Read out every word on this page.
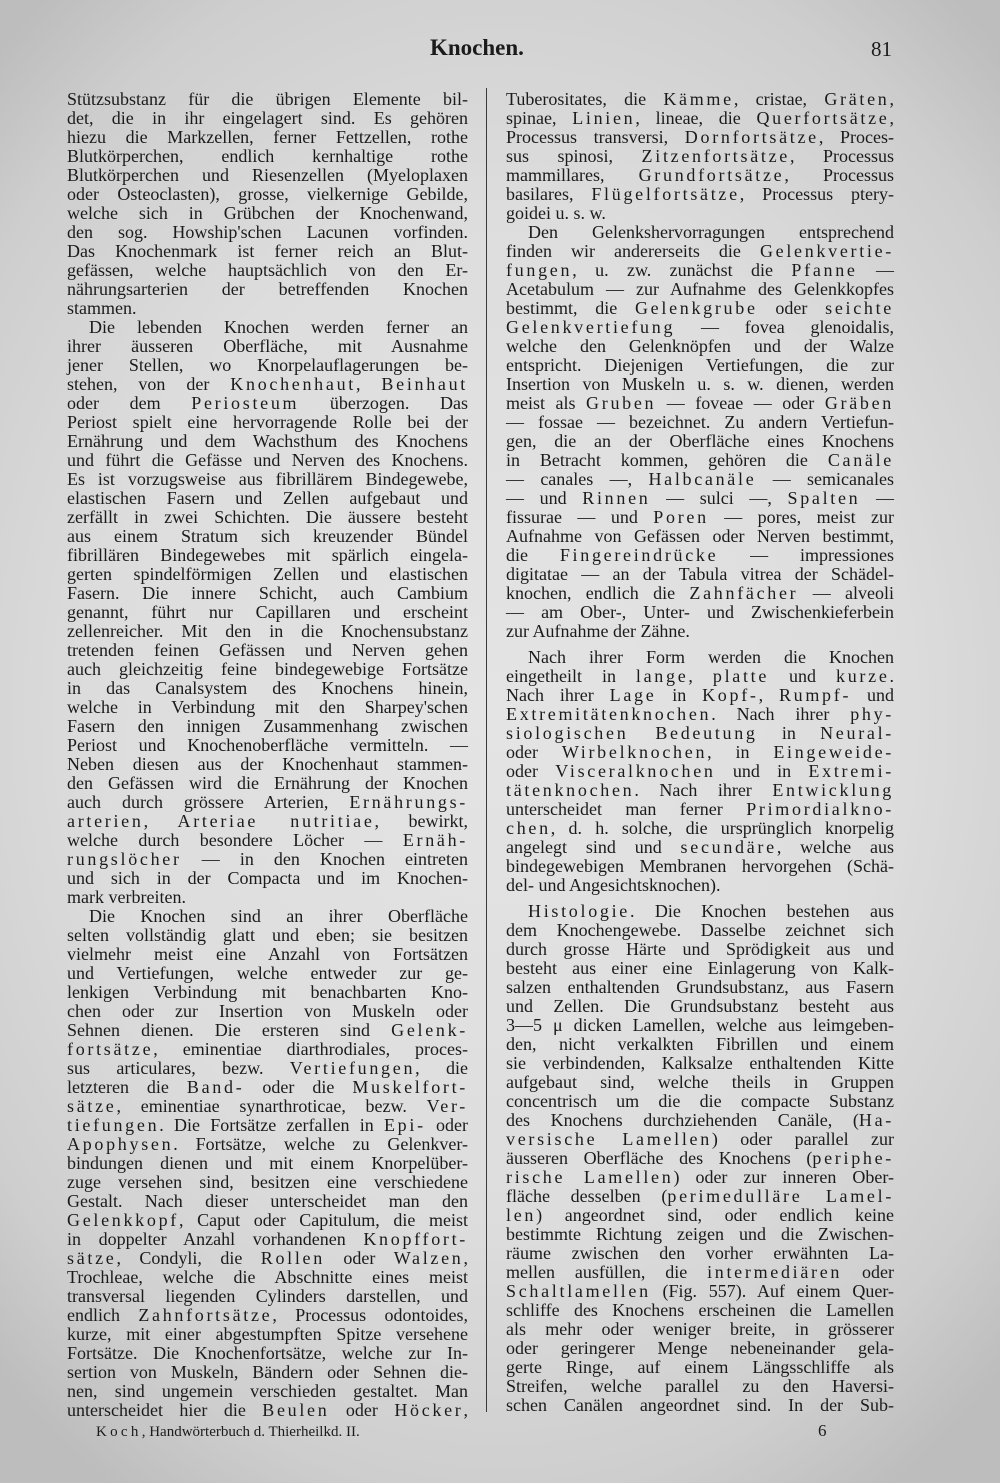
Knochen.	81
Stützsubstanz für die übrigen Elemente bil-
det, die in ihr eingelagert sind. Es gehören
hiezu die Markzellen, ferner Fettzellen, rothe
Blutkörperchen, endlich kernhaltige rothe
Blutkörperchen und Riesenzellen (Myeloplaxen
oder Osteoclasten), grosse, vielkernige Gebilde,
welche sich in Grübchen der Knochenwand,
den sog. Howship'schen Lacunen vorfinden.
Das Knochenmark ist ferner reich an Blut-
gefässen, welche hauptsächlich von den Er-
nährungsarterien der betreffenden Knochen
stammen.
Die lebenden Knochen werden ferner an
ihrer äusseren Oberfläche, mit Ausnahme
jener Stellen, wo Knorpelauflagerungen be-
stehen, von der Knochenhaut, Beinhaut
oder dem Periosteum überzogen. Das
Periost spielt eine hervorragende Rolle bei der
Ernährung und dem Wachsthum des Knochens
und führt die Gefässe und Nerven des Knochens.
Es ist vorzugsweise aus fibrillärem Bindegewebe,
elastischen Fasern und Zellen aufgebaut und
zerfällt in zwei Schichten. Die äussere besteht
aus einem Stratum sich kreuzender Bündel
fibrillären Bindegewebes mit spärlich eingela-
gerten spindelförmigen Zellen und elastischen
Fasern. Die innere Schicht, auch Cambium
genannt, führt nur Capillaren und erscheint
zellenreicher. Mit den in die Knochensubstanz
tretenden feinen Gefässen und Nerven gehen
auch gleichzeitig feine bindegewebige Fortsätze
in das Canalsystem des Knochens hinein,
welche in Verbindung mit den Sharpey'schen
Fasern den innigen Zusammenhang zwischen
Periost und Knochenoberfläche vermitteln. —
Neben diesen aus der Knochenhaut stammen-
den Gefässen wird die Ernährung der Knochen
auch durch grössere Arterien, Ernährungs-
arterien, Arteriae nutritiae, bewirkt,
welche durch besondere Löcher — Ernäh-
rungslöcher — in den Knochen eintreten
und sich in der Compacta und im Knochen-
mark verbreiten.
Die Knochen sind an ihrer Oberfläche
selten vollständig glatt und eben; sie besitzen
vielmehr meist eine Anzahl von Fortsätzen
und Vertiefungen, welche entweder zur ge-
lenkigen Verbindung mit benachbarten Kno-
chen oder zur Insertion von Muskeln oder
Sehnen dienen. Die ersteren sind Gelenk-
fortsätze, eminentiae diarthrodiales, proces-
sus articulares, bezw. Vertiefungen, die
letzteren die Band- oder die Muskelfort-
sätze, eminentiae synarthroticae, bezw. Ver-
tiefungen. Die Fortsätze zerfallen in Epi- oder
Apophysen. Fortsätze, welche zu Gelenkver-
bindungen dienen und mit einem Knorpelüber-
zuge versehen sind, besitzen eine verschiedene
Gestalt. Nach dieser unterscheidet man den
Gelenkkopf, Caput oder Capitulum, die meist
in doppelter Anzahl vorhandenen Knopffort-
sätze, Condyli, die Rollen oder Walzen,
Trochleae, welche die Abschnitte eines meist
transversal liegenden Cylinders darstellen, und
endlich Zahnfortsätze, Processus odontoides,
kurze, mit einer abgestumpften Spitze versehene
Fortsätze. Die Knochenfortsätze, welche zur In-
sertion von Muskeln, Bändern oder Sehnen die-
nen, sind ungemein verschieden gestaltet. Man
unterscheidet hier die Beulen oder Höcker,
Tuberositates, die Kämme, cristae, Gräten,
spinae, Linien, lineae, die Querfortsätze,
Processus transversi, Dornfortsätze, Proces-
sus spinosi, Zitzenfortsätze, Processus
mammillares, Grundfortsätze, Processus
basilares, Flügelfortsätze, Processus ptery-
goidei u. s. w.
Den Gelenkshervorragungen entsprechend
finden wir andererseits die Gelenkvertie-
fungen, u. zw. zunächst die Pfanne —
Acetabulum — zur Aufnahme des Gelenkkopfes
bestimmt, die Gelenkgrube oder seichte
Gelenkvertiefung — fovea glenoidalis,
welche den Gelenknöpfen und der Walze
entspricht. Diejenigen Vertiefungen, die zur
Insertion von Muskeln u. s. w. dienen, werden
meist als Gruben — foveae — oder Gräben
— fossae — bezeichnet. Zu andern Vertiefun-
gen, die an der Oberfläche eines Knochens
in Betracht kommen, gehören die Canäle
— canales —, Halbcanäle — semicanales
— und Rinnen — sulci —, Spalten —
fissurae — und Poren — pores, meist zur
Aufnahme von Gefässen oder Nerven bestimmt,
die Fingereindrücke — impressiones
digitatae — an der Tabula vitrea der Schädel-
knochen, endlich die Zahnfächer — alveoli
— am Ober-, Unter- und Zwischenkieferbein
zur Aufnahme der Zähne.
Nach ihrer Form werden die Knochen
eingetheilt in lange, platte und kurze.
Nach ihrer Lage in Kopf-, Rumpf- und
Extremitätenknochen. Nach ihrer phy-
siologischen Bedeutung in Neural-
oder Wirbelknochen, in Eingeweide-
oder Visceralknochen und in Extremi-
tätenknochen. Nach ihrer Entwicklung
unterscheidet man ferner Primordialkno-
chen, d. h. solche, die ursprünglich knorpelig
angelegt sind und secundäre, welche aus
bindegewebigen Membranen hervorgehen (Schä-
del- und Angesichtsknochen).
Histologie. Die Knochen bestehen aus
dem Knochengewebe. Dasselbe zeichnet sich
durch grosse Härte und Sprödigkeit aus und
besteht aus einer eine Einlagerung von Kalk-
salzen enthaltenden Grundsubstanz, aus Fasern
und Zellen. Die Grundsubstanz besteht aus
3—5 μ dicken Lamellen, welche aus leimgeben-
den, nicht verkalkten Fibrillen und einem
sie verbindenden, Kalksalze enthaltenden Kitte
aufgebaut sind, welche theils in Gruppen
concentrisch um die die compacte Substanz
des Knochens durchziehenden Canäle, (Ha-
versische Lamellen) oder parallel zur
äusseren Oberfläche des Knochens (periphe-
rische Lamellen) oder zur inneren Ober-
fläche desselben (perimedulläre Lamel-
len) angeordnet sind, oder endlich keine
bestimmte Richtung zeigen und die Zwischen-
räume zwischen den vorher erwähnten La-
mellen ausfüllen, die intermediären oder
Schaltlamellen (Fig. 557). Auf einem Quer-
schliffe des Knochens erscheinen die Lamellen
als mehr oder weniger breite, in grösserer
oder geringerer Menge nebeneinander gela-
gerte Ringe, auf einem Längsschliffe als
Streifen, welche parallel zu den Haversi-
schen Canälen angeordnet sind. In der Sub-
Koch, Handwörterbuch d. Thierheilkd. II.	6
